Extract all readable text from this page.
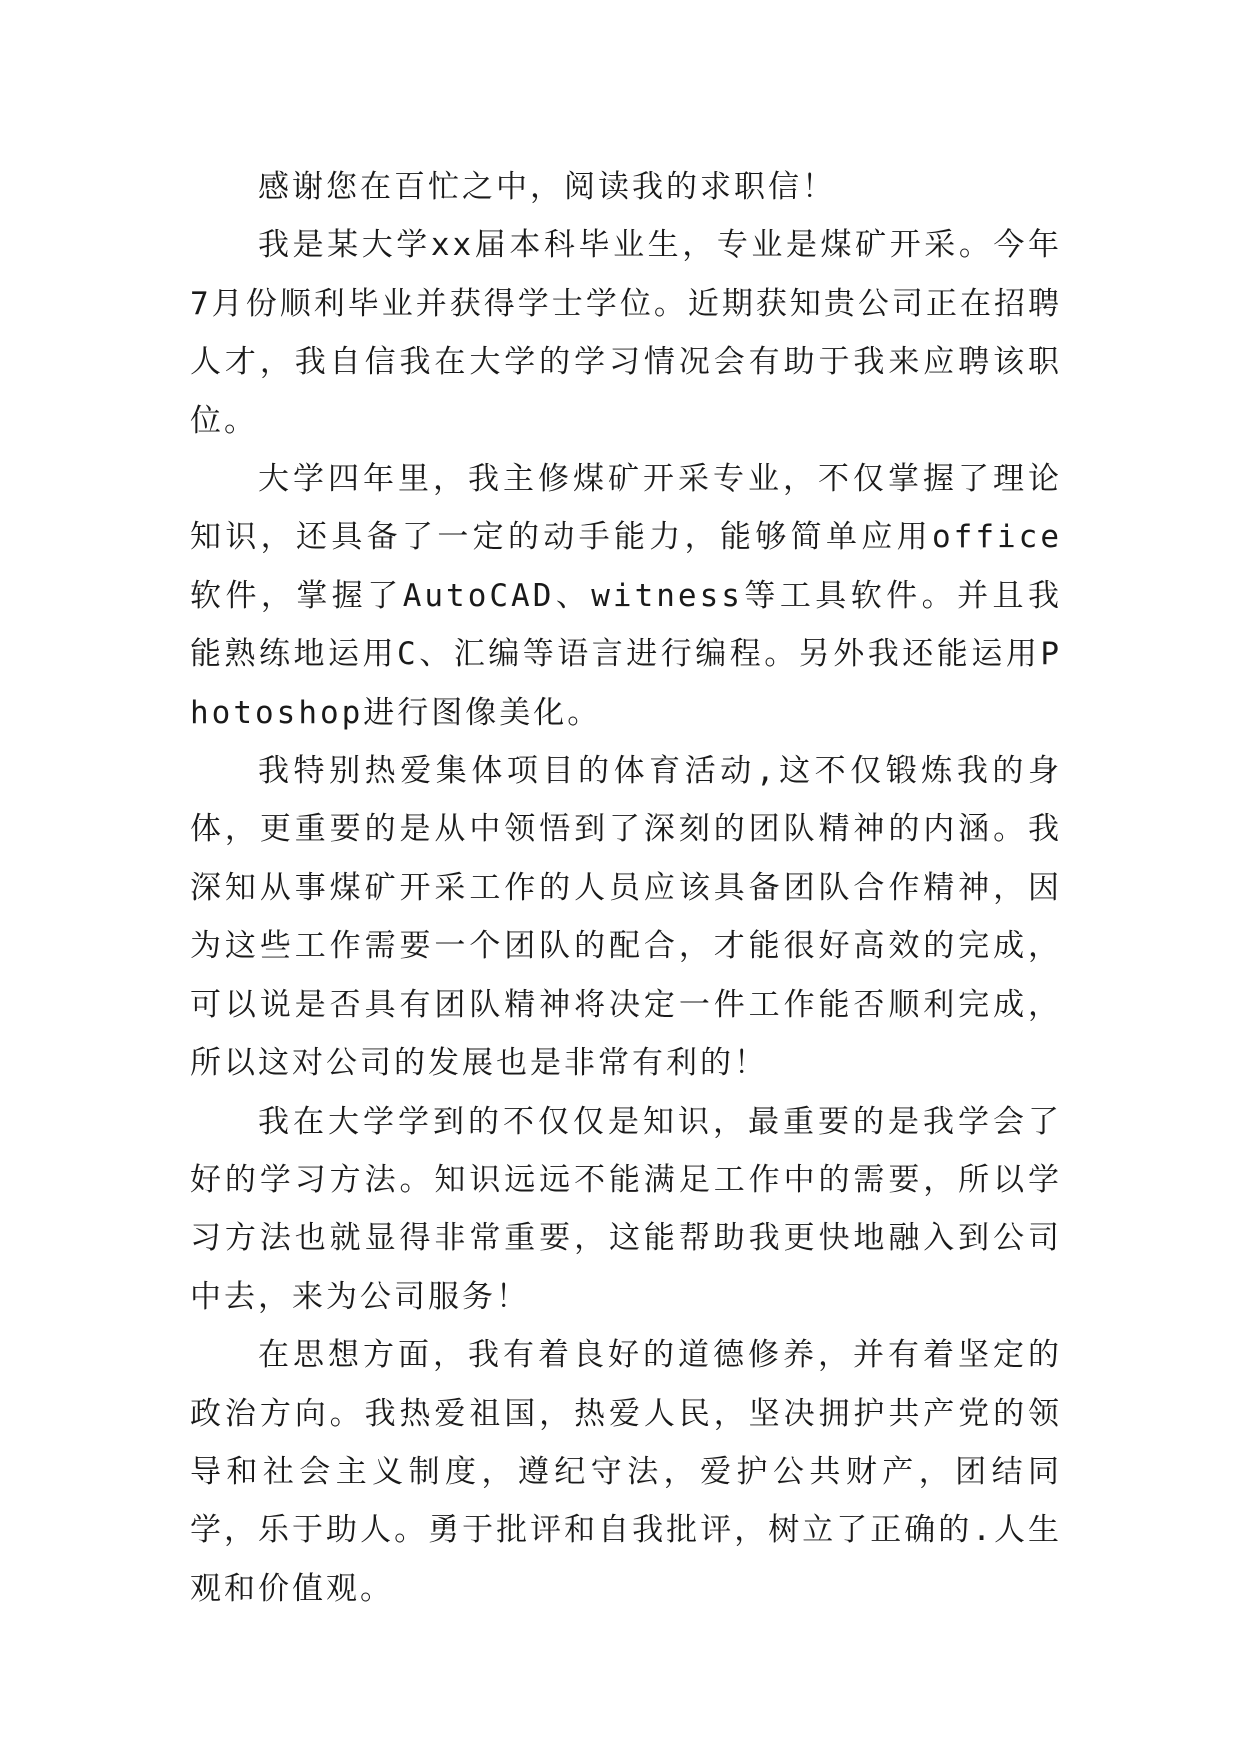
感谢您在百忙之中，阅读我的求职信！

我是某大学xx届本科毕业生，专业是煤矿开采。今年7月份顺利毕业并获得学士学位。近期获知贵公司正在招聘人才，我自信我在大学的学习情况会有助于我来应聘该职位。

大学四年里，我主修煤矿开采专业，不仅掌握了理论知识，还具备了一定的动手能力，能够简单应用office软件，掌握了AutoCAD、witness等工具软件。并且我能熟练地运用C、汇编等语言进行编程。另外我还能运用Photoshop进行图像美化。

我特别热爱集体项目的体育活动,这不仅锻炼我的身体，更重要的是从中领悟到了深刻的团队精神的内涵。我深知从事煤矿开采工作的人员应该具备团队合作精神，因为这些工作需要一个团队的配合，才能很好高效的完成，可以说是否具有团队精神将决定一件工作能否顺利完成，所以这对公司的发展也是非常有利的！

我在大学学到的不仅仅是知识，最重要的是我学会了好的学习方法。知识远远不能满足工作中的需要，所以学习方法也就显得非常重要，这能帮助我更快地融入到公司中去，来为公司服务！

在思想方面，我有着良好的道德修养，并有着坚定的政治方向。我热爱祖国，热爱人民，坚决拥护共产党的领导和社会主义制度，遵纪守法，爱护公共财产，团结同学，乐于助人。勇于批评和自我批评，树立了正确的.人生观和价值观。
